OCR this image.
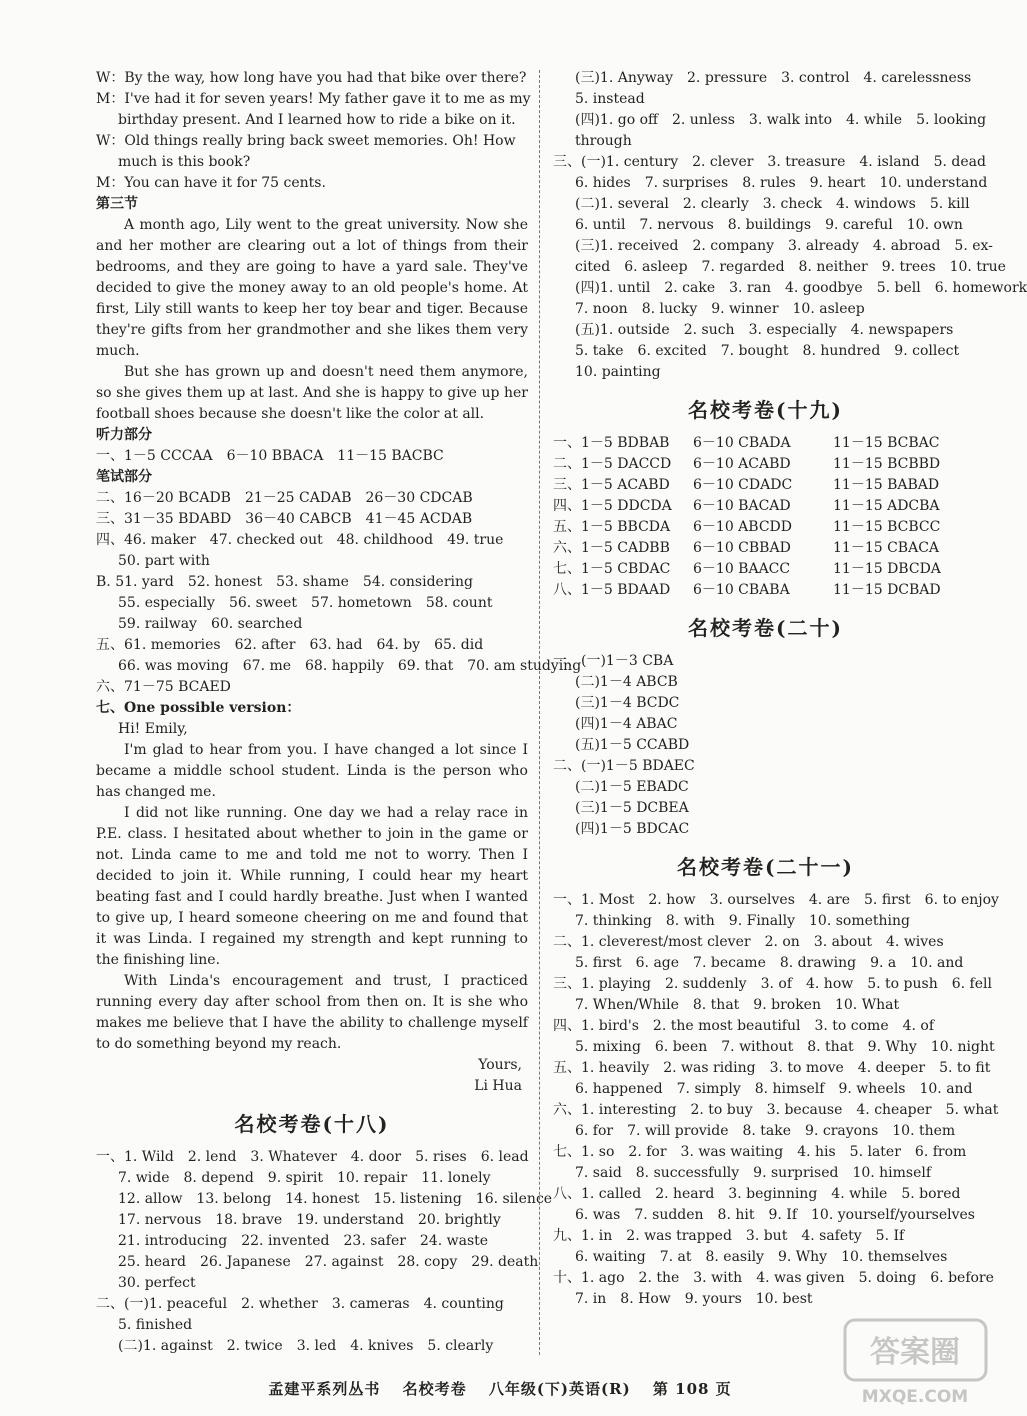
W：By the way, how long have you had that bike over there?
M：I've had it for seven years! My father gave it to me as my
birthday present. And I learned how to ride a bike on it.
W：Old things really bring back sweet memories. Oh! How
much is this book?
M：You can have it for 75 cents.
第三节
A month ago, Lily went to the great university. Now she and her mother are clearing out a lot of things from their bedrooms, and they are going to have a yard sale. They've decided to give the money away to an old people's home. At first, Lily still wants to keep her toy bear and tiger. Because they're gifts from her grandmother and she likes them very much.
But she has grown up and doesn't need them anymore, so she gives them up at last. And she is happy to give up her football shoes because she doesn't like the color at all.
听力部分
一、1－5 CCCAA　6－10 BBACA　11－15 BACBC
笔试部分
二、16－20 BCADB　21－25 CADAB　26－30 CDCAB
三、31－35 BDABD　36－40 CABCB　41－45 ACDAB
四、46. maker　47. checked out　48. childhood　49. true
50. part with
B. 51. yard　52. honest　53. shame　54. considering
55. especially　56. sweet　57. hometown　58. count
59. railway　60. searched
五、61. memories　62. after　63. had　64. by　65. did
66. was moving　67. me　68. happily　69. that　70. am studying
六、71－75 BCAED
七、One possible version：
Hi! Emily,
I'm glad to hear from you. I have changed a lot since I became a middle school student. Linda is the person who has changed me.
I did not like running. One day we had a relay race in P.E. class. I hesitated about whether to join in the game or not. Linda came to me and told me not to worry. Then I decided to join it. While running, I could hear my heart beating fast and I could hardly breathe. Just when I wanted to give up, I heard someone cheering on me and found that it was Linda. I regained my strength and kept running to the finishing line.
With Linda's encouragement and trust, I practiced running every day after school from then on. It is she who makes me believe that I have the ability to challenge myself to do something beyond my reach.
Yours,
Li Hua
名校考卷(十八)
一、1. Wild　2. lend　3. Whatever　4. door　5. rises　6. lead
7. wide　8. depend　9. spirit　10. repair　11. lonely
12. allow　13. belong　14. honest　15. listening　16. silence
17. nervous　18. brave　19. understand　20. brightly
21. introducing　22. invented　23. safer　24. waste
25. heard　26. Japanese　27. against　28. copy　29. death
30. perfect
二、(一)1. peaceful　2. whether　3. cameras　4. counting
5. finished
(二)1. against　2. twice　3. led　4. knives　5. clearly
(三)1. Anyway　2. pressure　3. control　4. carelessness
5. instead
(四)1. go off　2. unless　3. walk into　4. while　5. looking
through
三、(一)1. century　2. clever　3. treasure　4. island　5. dead
6. hides　7. surprises　8. rules　9. heart　10. understand
(二)1. several　2. clearly　3. check　4. windows　5. kill
6. until　7. nervous　8. buildings　9. careful　10. own
(三)1. received　2. company　3. already　4. abroad　5. ex-
cited　6. asleep　7. regarded　8. neither　9. trees　10. true
(四)1. until　2. cake　3. ran　4. goodbye　5. bell　6. homework
7. noon　8. lucky　9. winner　10. asleep
(五)1. outside　2. such　3. especially　4. newspapers
5. take　6. excited　7. bought　8. hundred　9. collect
10. painting
名校考卷(十九)
一、1－5 BDBAB 6－10 CBADA	11－15 BCBAC
二、1－5 DACCD 6－10 ACABD	11－15 BCBBD
三、1－5 ACABD 6－10 CDADC	11－15 BABAD
四、1－5 DDCDA 6－10 BACAD	11－15 ADCBA
五、1－5 BBCDA 6－10 ABCDD	11－15 BCBCC
六、1－5 CADBB 6－10 CBBAD	11－15 CBACA
七、1－5 CBDAC 6－10 BAACC	11－15 DBCDA
八、1－5 BDAAD 6－10 CBABA	11－15 DCBAD
名校考卷(二十)
一、(一)1－3 CBA
(二)1－4 ABCB
(三)1－4 BCDC
(四)1－4 ABAC
(五)1－5 CCABD
二、(一)1－5 BDAEC
(二)1－5 EBADC
(三)1－5 DCBEA
(四)1－5 BDCAC
名校考卷(二十一)
一、1. Most　2. how　3. ourselves　4. are　5. first　6. to enjoy
7. thinking　8. with　9. Finally　10. something
二、1. cleverest/most clever　2. on　3. about　4. wives
5. first　6. age　7. became　8. drawing　9. a　10. and
三、1. playing　2. suddenly　3. of　4. how　5. to push　6. fell
7. When/While　8. that　9. broken　10. What
四、1. bird's　2. the most beautiful　3. to come　4. of
5. mixing　6. been　7. without　8. that　9. Why　10. night
五、1. heavily　2. was riding　3. to move　4. deeper　5. to fit
6. happened　7. simply　8. himself　9. wheels　10. and
六、1. interesting　2. to buy　3. because　4. cheaper　5. what
6. for　7. will provide　8. take　9. crayons　10. them
七、1. so　2. for　3. was waiting　4. his　5. later　6. from
7. said　8. successfully　9. surprised　10. himself
八、1. called　2. heard　3. beginning　4. while　5. bored
6. was　7. sudden　8. hit　9. If　10. yourself/yourselves
九、1. in　2. was trapped　3. but　4. safety　5. If
6. waiting　7. at　8. easily　9. Why　10. themselves
十、1. ago　2. the　3. with　4. was given　5. doing　6. before
7. in　8. How　9. yours　10. best
孟建平系列丛书 名校考卷 八年级(下)英语(R) 第 108 页
答案圈
MXQE.COM
